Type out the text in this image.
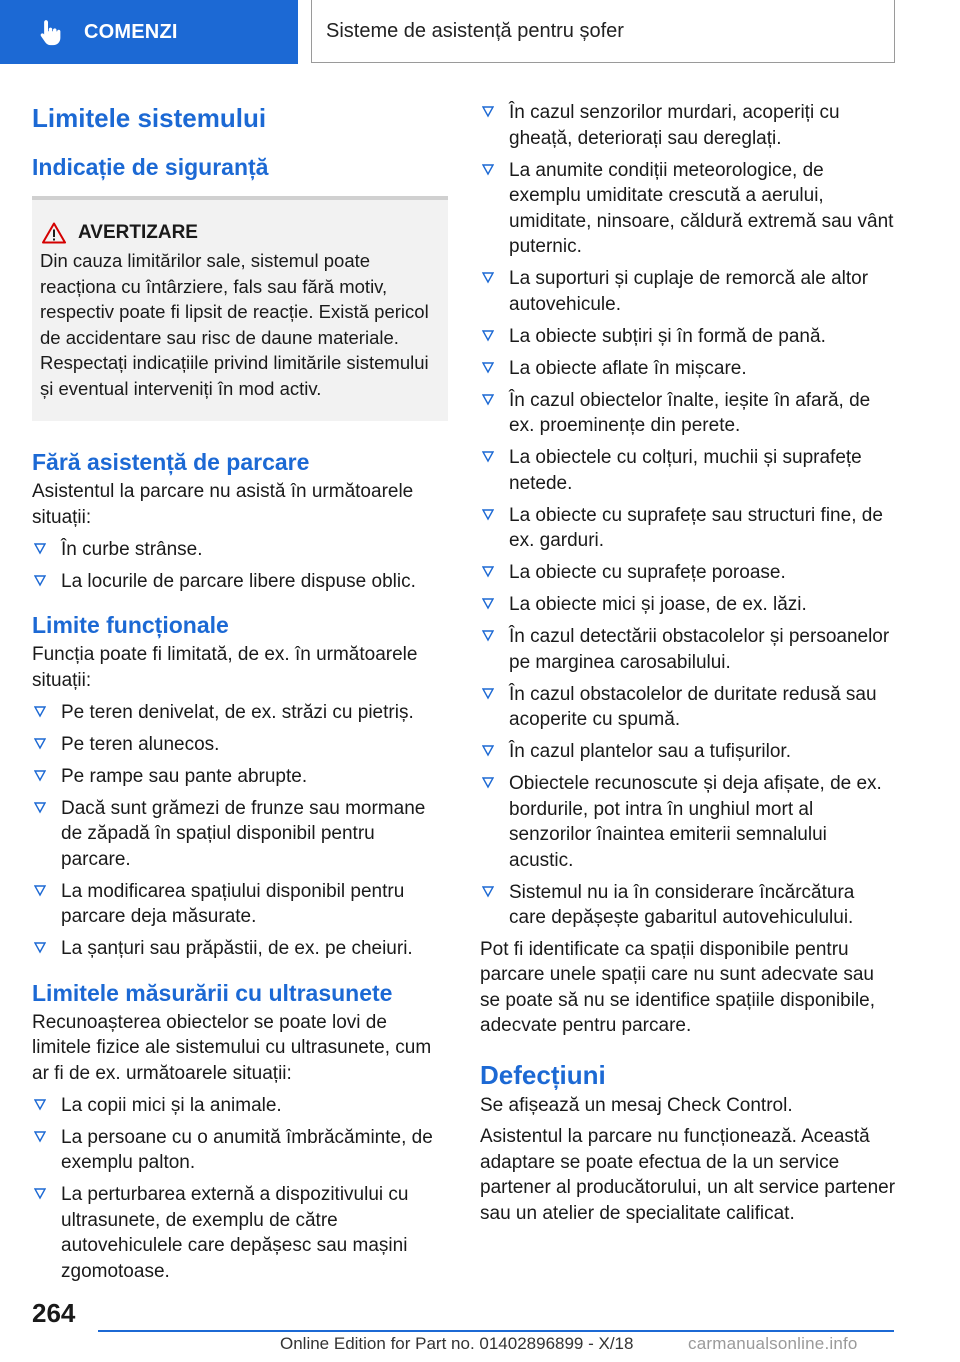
COMENZI	Sisteme de asistență pentru șofer
Limitele sistemului
Indicație de siguranță
AVERTIZARE

Din cauza limitărilor sale, sistemul poate reacționa cu întârziere, fals sau fără motiv, respectiv poate fi lipsit de reacție. Există pericol de accidentare sau risc de daune materiale. Respectați indicațiile privind limitările sistemului și eventual interveniți în mod activ.

Fără asistență de parcare

Asistentul la parcare nu asistă în următoarele situații:

În curbe strânse.
La locurile de parcare libere dispuse oblic.
Limite funcționale

Funcția poate fi limitată, de ex. în următoarele situații:

Pe teren denivelat, de ex. străzi cu pietriș.
Pe teren alunecos.
Pe rampe sau pante abrupte.
Dacă sunt grămezi de frunze sau mormane de zăpadă în spațiul disponibil pentru parcare.
La modificarea spațiului disponibil pentru parcare deja măsurate.
La șanțuri sau prăpăstii, de ex. pe cheiuri.
Limitele măsurării cu ultrasunete

Recunoașterea obiectelor se poate lovi de limitele fizice ale sistemului cu ultrasunete, cum ar fi de ex. următoarele situații:

La copii mici și la animale.
La persoane cu o anumită îmbrăcăminte, de exemplu palton.
La perturbarea externă a dispozitivului cu ultrasunete, de exemplu de către autovehiculele care depășesc sau mașini zgomotoase.
În cazul senzorilor murdari, acoperiți cu gheață, deteriorați sau dereglați.
La anumite condiții meteorologice, de exemplu umiditate crescută a aerului, umiditate, ninsoare, căldură extremă sau vânt puternic.
La suporturi și cuplaje de remorcă ale altor autovehicule.
La obiecte subțiri și în formă de pană.
La obiecte aflate în mișcare.
În cazul obiectelor înalte, ieșite în afară, de ex. proeminențe din perete.
La obiectele cu colțuri, muchii și suprafețe netede.
La obiecte cu suprafețe sau structuri fine, de ex. garduri.
La obiecte cu suprafețe poroase.
La obiecte mici și joase, de ex. lăzi.
În cazul detectării obstacolelor și persoanelor pe marginea carosabilului.
În cazul obstacolelor de duritate redusă sau acoperite cu spumă.
În cazul plantelor sau a tufișurilor.
Obiectele recunoscute și deja afișate, de ex. bordurile, pot intra în unghiul mort al senzorilor înaintea emiterii semnalului acustic.
Sistemul nu ia în considerare încărcătura care depășește gabaritul autovehiculului.

Pot fi identificate ca spații disponibile pentru parcare unele spații care nu sunt adecvate sau se poate să nu se identifice spațiile disponibile, adecvate pentru parcare.

Defecțiuni

Se afișează un mesaj Check Control.

Asistentul la parcare nu funcționează. Această adaptare se poate efectua de la un service partener al producătorului, un alt service partener sau un atelier de specialitate calificat.

264
Online Edition for Part no. 01402896899 - X/18	carmanualsonline.info
